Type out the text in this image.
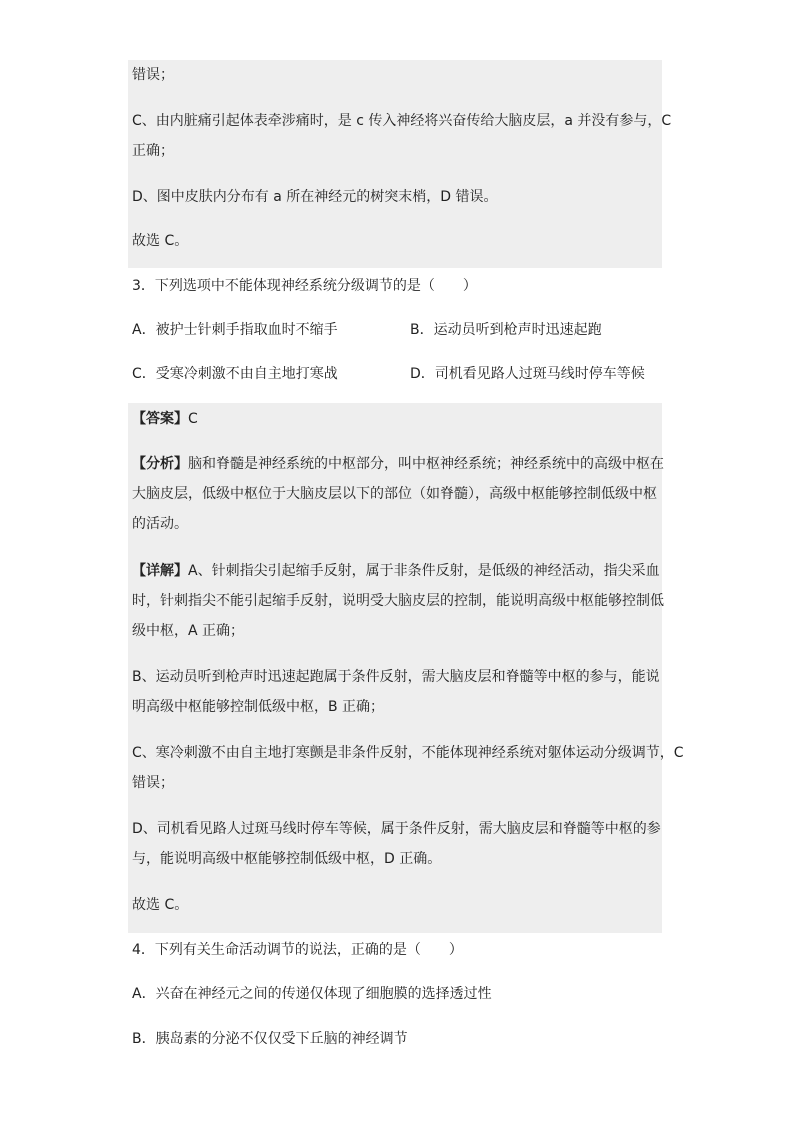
错误；
C、由内脏痛引起体表牵涉痛时，是 c 传入神经将兴奋传给大脑皮层，a 并没有参与，C
正确；
D、图中皮肤内分布有 a 所在神经元的树突末梢，D 错误。
故选 C。
3．下列选项中不能体现神经系统分级调节的是（　　）
A．被护士针刺手指取血时不缩手	B．运动员听到枪声时迅速起跑
C．受寒冷刺激不由自主地打寒战	D．司机看见路人过斑马线时停车等候
【答案】C
【分析】脑和脊髓是神经系统的中枢部分，叫中枢神经系统；神经系统中的高级中枢在
大脑皮层，低级中枢位于大脑皮层以下的部位（如脊髓），高级中枢能够控制低级中枢
的活动。
【详解】A、针刺指尖引起缩手反射，属于非条件反射，是低级的神经活动，指尖采血
时，针刺指尖不能引起缩手反射，说明受大脑皮层的控制，能说明高级中枢能够控制低
级中枢，A 正确；
B、运动员听到枪声时迅速起跑属于条件反射，需大脑皮层和脊髓等中枢的参与，能说
明高级中枢能够控制低级中枢，B 正确；
C、寒冷刺激不由自主地打寒颤是非条件反射，不能体现神经系统对躯体运动分级调节，C
错误；
D、司机看见路人过斑马线时停车等候，属于条件反射，需大脑皮层和脊髓等中枢的参
与，能说明高级中枢能够控制低级中枢，D 正确。
故选 C。
4．下列有关生命活动调节的说法，正确的是（　　）
A．兴奋在神经元之间的传递仅体现了细胞膜的选择透过性
B．胰岛素的分泌不仅仅受下丘脑的神经调节
